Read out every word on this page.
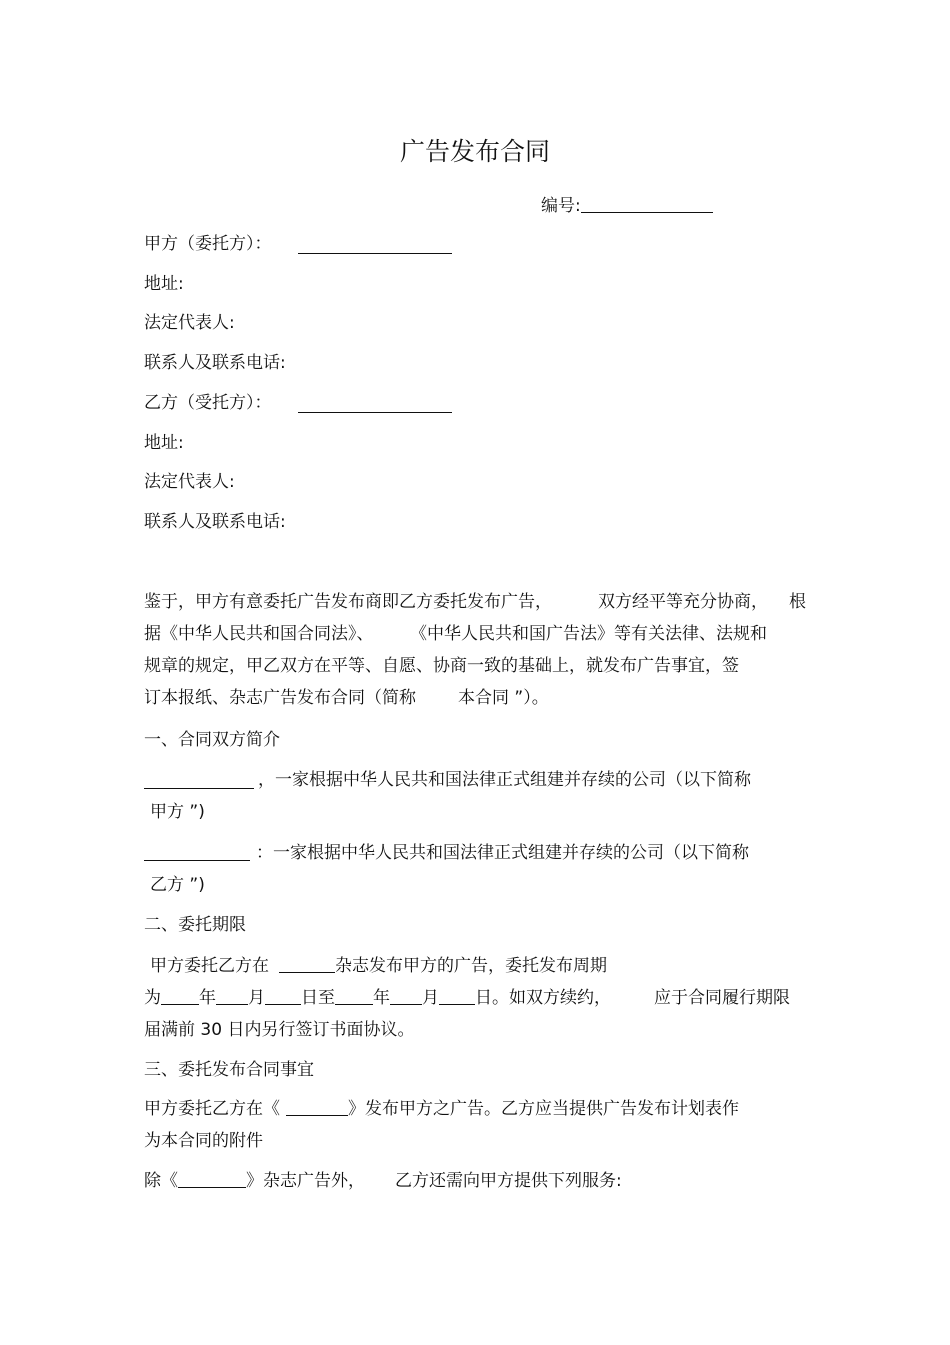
广告发布合同
编号:
甲方（委托方）：
地址:
法定代表人:
联系人及联系电话:
乙方（受托方）：
地址:
法定代表人:
联系人及联系电话:
鉴于，甲方有意委托广告发布商即乙方委托发布广告，	双方经平等充分协商， 根
据《中华人民共和国合同法》、 《中华人民共和国广告法》等有关法律、法规和
规章的规定，甲乙双方在平等、自愿、协商一致的基础上，就发布广告事宜，签
订本报纸、杂志广告发布合同（简称 本合同 ”）。
一、合同双方简介
，一家根据中华人民共和国法律正式组建并存续的公司（以下简称
甲方 ”)
：一家根据中华人民共和国法律正式组建并存续的公司（以下简称
乙方 ”)
二、委托期限
甲方委托乙方在	杂志发布甲方的广告，委托发布周期
为 年 月 日至 年 月 日。如双方续约，	应于合同履行期限
届满前 30 日内另行签订书面协议。
三、委托发布合同事宜
甲方委托乙方在《	》发布甲方之广告。乙方应当提供广告发布计划表作
为本合同的附件
除《	》杂志广告外， 乙方还需向甲方提供下列服务:
